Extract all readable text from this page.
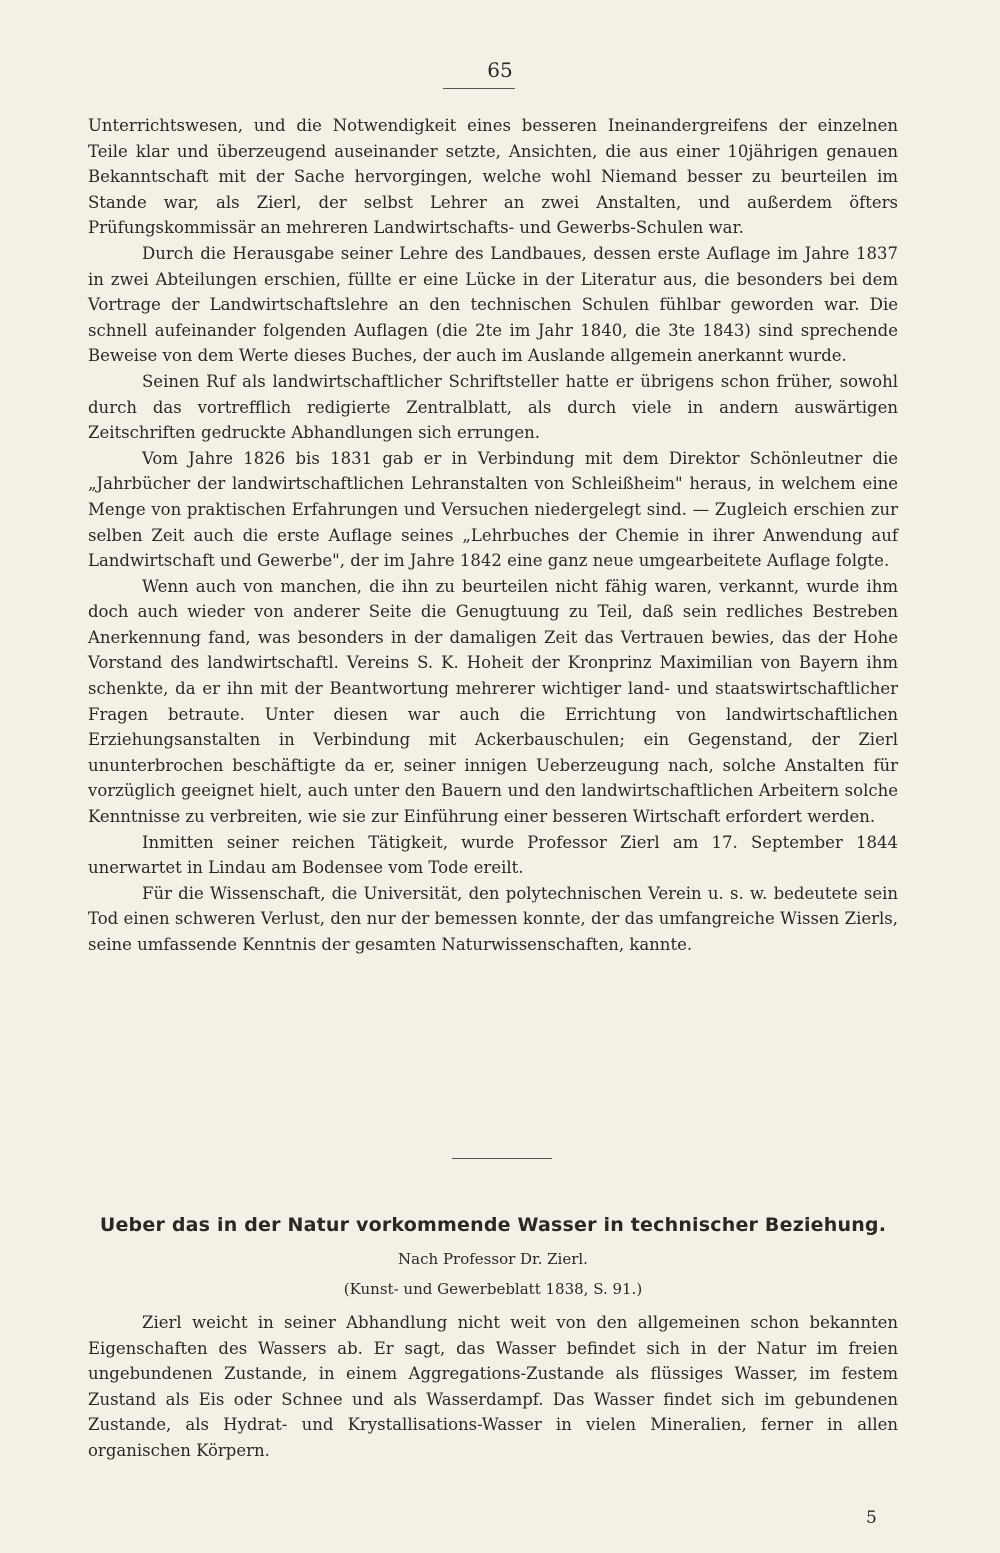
65

Unterrichtswesen, und die Notwendigkeit eines besseren Ineinandergreifens der einzelnen Teile klar und überzeugend auseinander setzte, Ansichten, die aus einer 10jährigen genauen Bekanntschaft mit der Sache hervorgingen, welche wohl Niemand besser zu beurteilen im Stande war, als Zierl, der selbst Lehrer an zwei Anstalten, und außerdem öfters Prüfungskommissär an mehreren Landwirtschafts- und Gewerbs-Schulen war.

Durch die Herausgabe seiner Lehre des Landbaues, dessen erste Auflage im Jahre 1837 in zwei Abteilungen erschien, füllte er eine Lücke in der Literatur aus, die besonders bei dem Vortrage der Landwirtschaftslehre an den technischen Schulen fühlbar geworden war. Die schnell aufeinander folgenden Auflagen (die 2te im Jahr 1840, die 3te 1843) sind sprechende Beweise von dem Werte dieses Buches, der auch im Auslande allgemein anerkannt wurde.

Seinen Ruf als landwirtschaftlicher Schriftsteller hatte er übrigens schon früher, sowohl durch das vortrefflich redigierte Zentralblatt, als durch viele in andern auswärtigen Zeitschriften gedruckte Abhandlungen sich errungen.

Vom Jahre 1826 bis 1831 gab er in Verbindung mit dem Direktor Schönleutner die „Jahrbücher der landwirtschaftlichen Lehranstalten von Schleißheim" heraus, in welchem eine Menge von praktischen Erfahrungen und Versuchen niedergelegt sind. — Zugleich erschien zur selben Zeit auch die erste Auflage seines „Lehrbuches der Chemie in ihrer Anwendung auf Landwirtschaft und Gewerbe", der im Jahre 1842 eine ganz neue umgearbeitete Auflage folgte.

Wenn auch von manchen, die ihn zu beurteilen nicht fähig waren, verkannt, wurde ihm doch auch wieder von anderer Seite die Genugtuung zu Teil, daß sein redliches Bestreben Anerkennung fand, was besonders in der damaligen Zeit das Vertrauen bewies, das der Hohe Vorstand des landwirtschaftl. Vereins S. K. Hoheit der Kronprinz Maximilian von Bayern ihm schenkte, da er ihn mit der Beantwortung mehrerer wichtiger land- und staatswirtschaftlicher Fragen betraute. Unter diesen war auch die Errichtung von landwirtschaftlichen Erziehungsanstalten in Verbindung mit Ackerbauschulen; ein Gegenstand, der Zierl ununterbrochen beschäftigte da er, seiner innigen Ueberzeugung nach, solche Anstalten für vorzüglich geeignet hielt, auch unter den Bauern und den landwirtschaftlichen Arbeitern solche Kenntnisse zu verbreiten, wie sie zur Einführung einer besseren Wirtschaft erfordert werden.

Inmitten seiner reichen Tätigkeit, wurde Professor Zierl am 17. September 1844 unerwartet in Lindau am Bodensee vom Tode ereilt.

Für die Wissenschaft, die Universität, den polytechnischen Verein u. s. w. bedeutete sein Tod einen schweren Verlust, den nur der bemessen konnte, der das umfangreiche Wissen Zierls, seine umfassende Kenntnis der gesamten Naturwissenschaften, kannte.

Ueber das in der Natur vorkommende Wasser in technischer Beziehung.
Nach Professor Dr. Zierl.
(Kunst- und Gewerbeblatt 1838, S. 91.)

Zierl weicht in seiner Abhandlung nicht weit von den allgemeinen schon bekannten Eigenschaften des Wassers ab. Er sagt, das Wasser befindet sich in der Natur im freien ungebundenen Zustande, in einem Aggregations-Zustande als flüssiges Wasser, im festem Zustand als Eis oder Schnee und als Wasserdampf. Das Wasser findet sich im gebundenen Zustande, als Hydrat- und Krystallisations-Wasser in vielen Mineralien, ferner in allen organischen Körpern.

5
